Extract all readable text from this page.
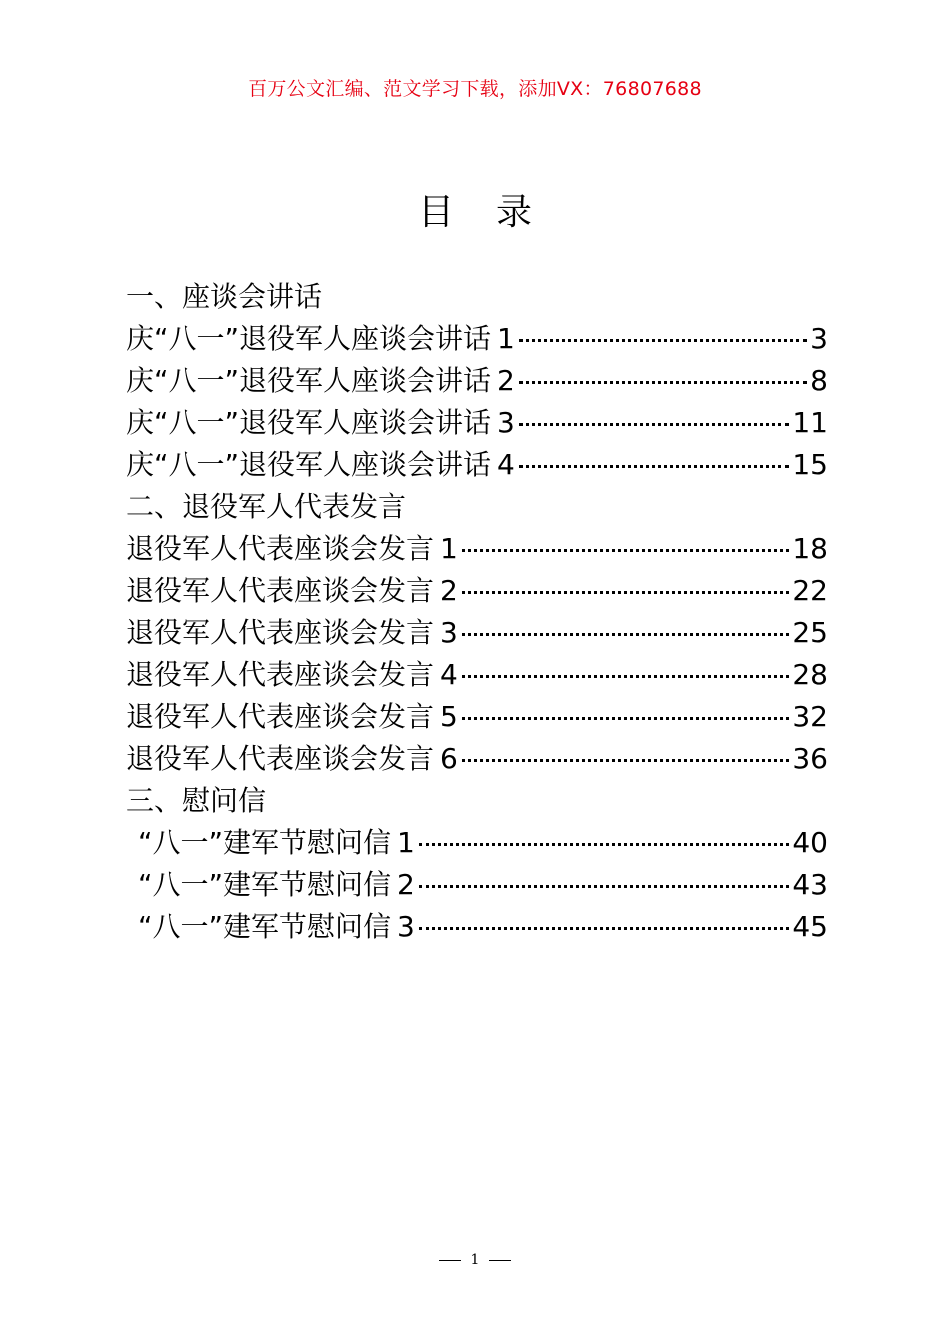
百万公文汇编、范文学习下载，添加VX：76807688
目 录
一、座谈会讲话
庆“八一”退役军人座谈会讲话 1	3
庆“八一”退役军人座谈会讲话 2	8
庆“八一”退役军人座谈会讲话 3	11
庆“八一”退役军人座谈会讲话 4	15
二、退役军人代表发言
退役军人代表座谈会发言 1	18
退役军人代表座谈会发言 2	22
退役军人代表座谈会发言 3	25
退役军人代表座谈会发言 4	28
退役军人代表座谈会发言 5	32
退役军人代表座谈会发言 6	36
三、慰问信
“八一”建军节慰问信 1	40
“八一”建军节慰问信 2	43
“八一”建军节慰问信 3	45
1
